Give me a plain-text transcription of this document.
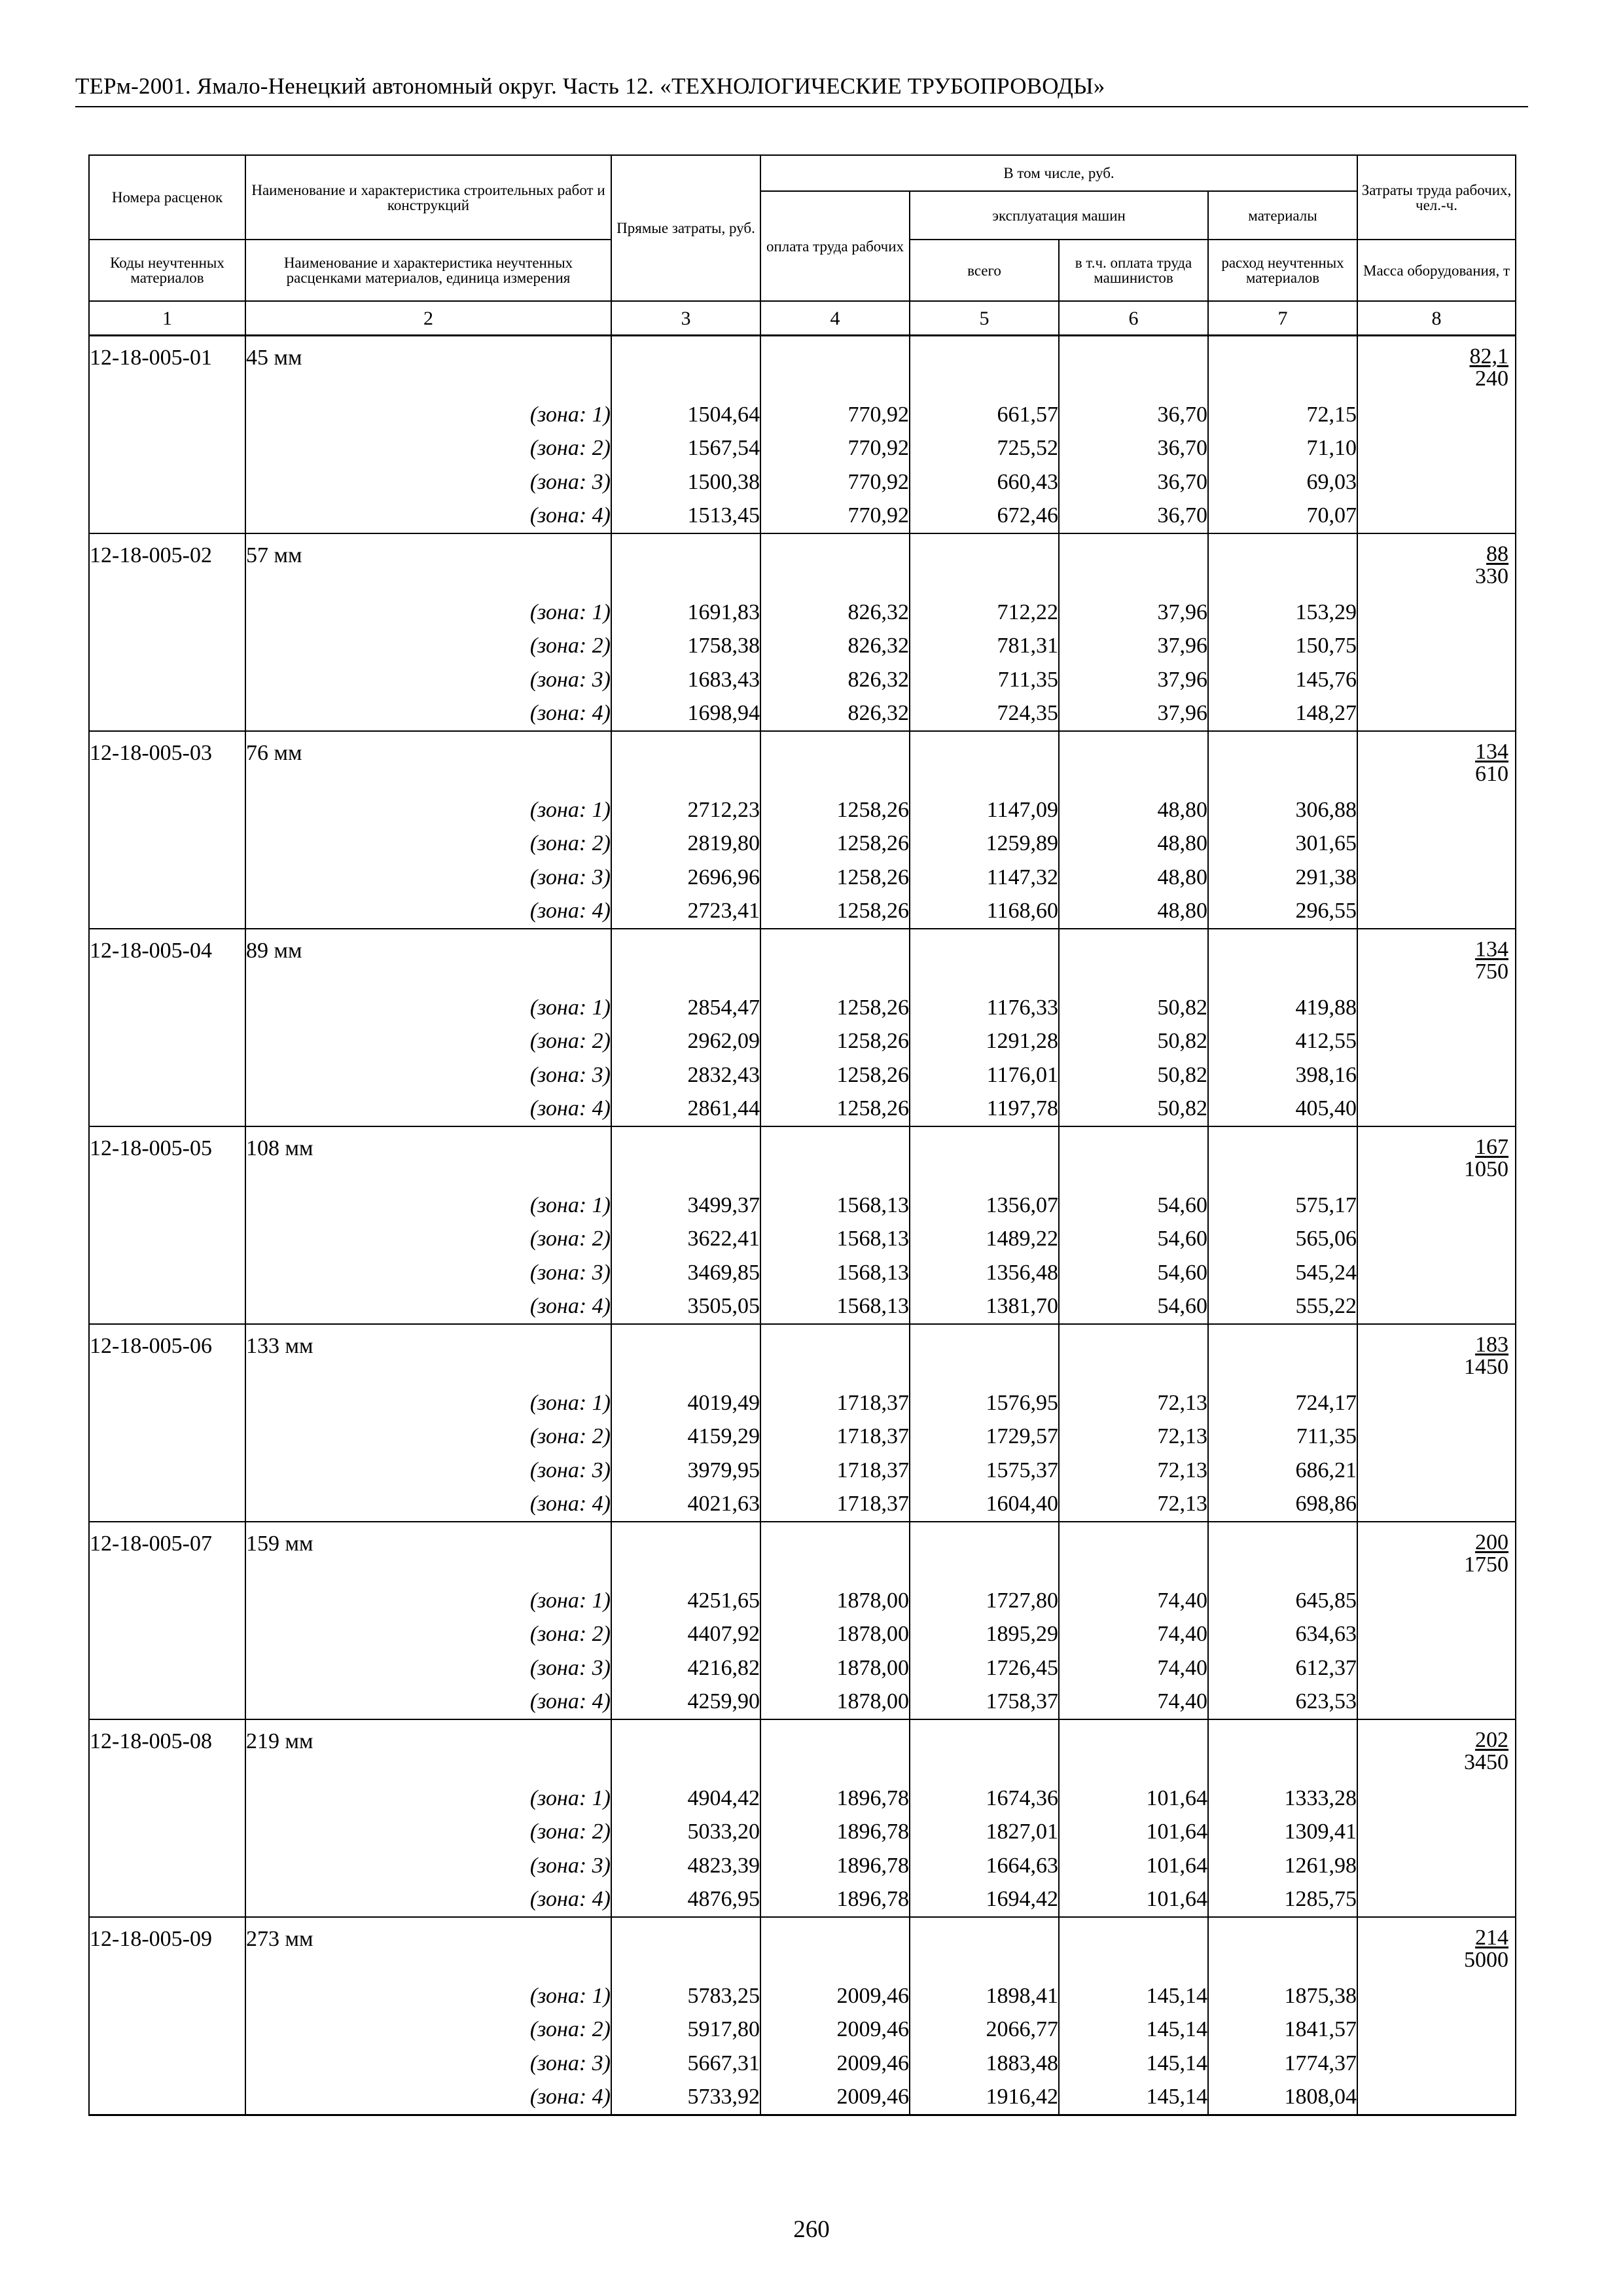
ТЕРм-2001. Ямало-Ненецкий автономный округ. Часть 12. «ТЕХНОЛОГИЧЕСКИЕ ТРУБОПРОВОДЫ»
Номера расценок	Наименование и характеристика строительных работ и конструкций	Прямые затраты, руб.	В том числе, руб.				Затраты труда рабочих, чел.-ч.
			оплата труда рабочих	эксплуатация машин		материалы	

Коды неучтенных материалов	Наименование и характеристика неучтенных расценками материалов, единица измерения			всего	в т.ч. оплата труда машинистов	расход неучтенных материалов	Масса оборудования, т
1	2	3	4	5	6	7	8
12-18-005-01	45 мм						$\frac{82,1}{240}$

	(зона: 1)	1504,64	770,92	661,57	36,70	72,15	
	(зона: 2)	1567,54	770,92	725,52	36,70	71,10	
	(зона: 3)	1500,38	770,92	660,43	36,70	69,03	
	(зона: 4)	1513,45	770,92	672,46	36,70	70,07	
12-18-005-02	57 мм						$\frac{88}{330}$

	(зона: 1)	1691,83	826,32	712,22	37,96	153,29	
	(зона: 2)	1758,38	826,32	781,31	37,96	150,75	
	(зона: 3)	1683,43	826,32	711,35	37,96	145,76	
	(зона: 4)	1698,94	826,32	724,35	37,96	148,27	
12-18-005-03	76 мм						$\frac{134}{610}$

	(зона: 1)	2712,23	1258,26	1147,09	48,80	306,88	
	(зона: 2)	2819,80	1258,26	1259,89	48,80	301,65	
	(зона: 3)	2696,96	1258,26	1147,32	48,80	291,38	
	(зона: 4)	2723,41	1258,26	1168,60	48,80	296,55	
12-18-005-04	89 мм						$\frac{134}{750}$

	(зона: 1)	2854,47	1258,26	1176,33	50,82	419,88	
	(зона: 2)	2962,09	1258,26	1291,28	50,82	412,55	
	(зона: 3)	2832,43	1258,26	1176,01	50,82	398,16	
	(зона: 4)	2861,44	1258,26	1197,78	50,82	405,40	
12-18-005-05	108 мм						$\frac{167}{1050}$

	(зона: 1)	3499,37	1568,13	1356,07	54,60	575,17	
	(зона: 2)	3622,41	1568,13	1489,22	54,60	565,06	
	(зона: 3)	3469,85	1568,13	1356,48	54,60	545,24	
	(зона: 4)	3505,05	1568,13	1381,70	54,60	555,22	
12-18-005-06	133 мм						$\frac{183}{1450}$

	(зона: 1)	4019,49	1718,37	1576,95	72,13	724,17	
	(зона: 2)	4159,29	1718,37	1729,57	72,13	711,35	
	(зона: 3)	3979,95	1718,37	1575,37	72,13	686,21	
	(зона: 4)	4021,63	1718,37	1604,40	72,13	698,86	
12-18-005-07	159 мм						$\frac{200}{1750}$

	(зона: 1)	4251,65	1878,00	1727,80	74,40	645,85	
	(зона: 2)	4407,92	1878,00	1895,29	74,40	634,63	
	(зона: 3)	4216,82	1878,00	1726,45	74,40	612,37	
	(зона: 4)	4259,90	1878,00	1758,37	74,40	623,53	
12-18-005-08	219 мм						$\frac{202}{3450}$

	(зона: 1)	4904,42	1896,78	1674,36	101,64	1333,28	
	(зона: 2)	5033,20	1896,78	1827,01	101,64	1309,41	
	(зона: 3)	4823,39	1896,78	1664,63	101,64	1261,98	
	(зона: 4)	4876,95	1896,78	1694,42	101,64	1285,75	
12-18-005-09	273 мм						$\frac{214}{5000}$

	(зона: 1)	5783,25	2009,46	1898,41	145,14	1875,38	
	(зона: 2)	5917,80	2009,46	2066,77	145,14	1841,57	
	(зона: 3)	5667,31	2009,46	1883,48	145,14	1774,37	
	(зона: 4)	5733,92	2009,46	1916,42	145,14	1808,04	
260
